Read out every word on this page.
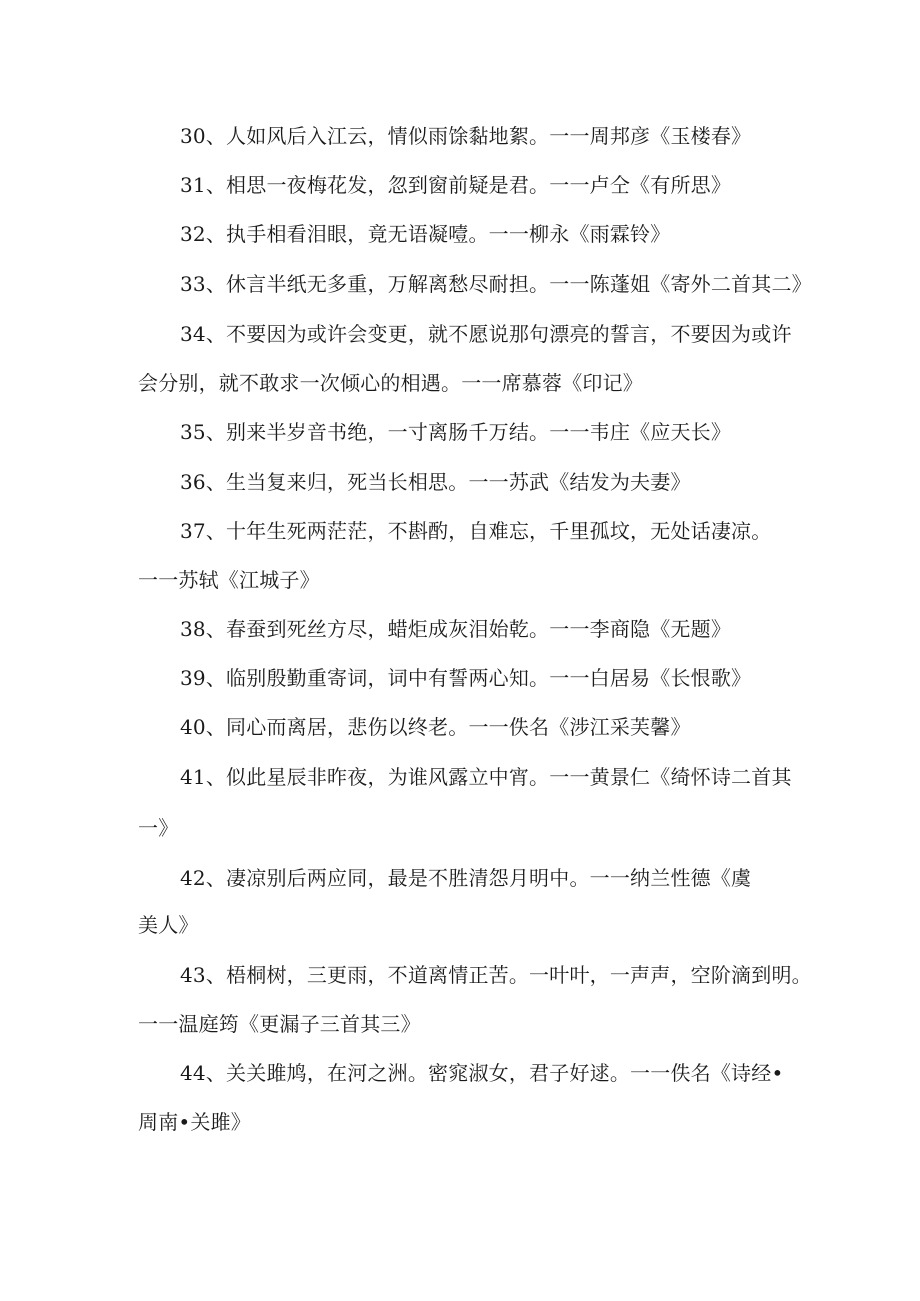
30、人如风后入江云，情似雨馀黏地絮。一一周邦彦《玉楼春》
31、相思一夜梅花发，忽到窗前疑是君。一一卢仝《有所思》
32、执手相看泪眼，竟无语凝噎。一一柳永《雨霖铃》
33、休言半纸无多重，万解离愁尽耐担。一一陈蓬姐《寄外二首其二》
34、不要因为或许会变更，就不愿说那句漂亮的誓言，不要因为或许
会分别，就不敢求一次倾心的相遇。一一席慕蓉《印记》
35、别来半岁音书绝，一寸离肠千万结。一一韦庄《应天长》
36、生当复来归，死当长相思。一一苏武《结发为夫妻》
37、十年生死两茫茫，不斟酌，自难忘，千里孤坟，无处话凄凉。
一一苏轼《江城子》
38、春蚕到死丝方尽，蜡炬成灰泪始乾。一一李商隐《无题》
39、临别殷勤重寄词，词中有誓两心知。一一白居易《长恨歌》
40、同心而离居，悲伤以终老。一一佚名《涉江采芙馨》
41、似此星辰非昨夜，为谁风露立中宵。一一黄景仁《绮怀诗二首其
一》
42、凄凉别后两应同，最是不胜清怨月明中。一一纳兰性德《虞
美人》
43、梧桐树，三更雨，不道离情正苦。一叶叶，一声声，空阶滴到明。
一一温庭筠《更漏子三首其三》
44、关关雎鸠，在河之洲。密窕淑女，君子好逑。一一佚名《诗经•
周南•关雎》
